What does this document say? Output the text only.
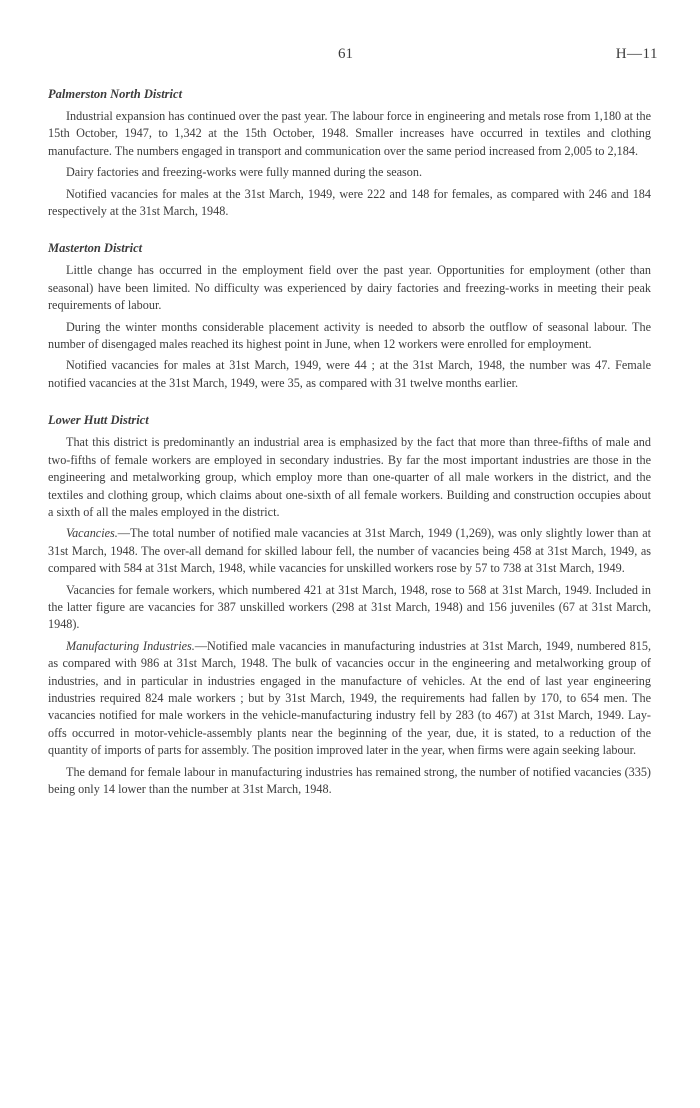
61	H—11
Palmerston North District

Industrial expansion has continued over the past year. The labour force in engineering and metals rose from 1,180 at the 15th October, 1947, to 1,342 at the 15th October, 1948. Smaller increases have occurred in textiles and clothing manufacture. The numbers engaged in transport and communication over the same period increased from 2,005 to 2,184.

Dairy factories and freezing-works were fully manned during the season.

Notified vacancies for males at the 31st March, 1949, were 222 and 148 for females, as compared with 246 and 184 respectively at the 31st March, 1948.

Masterton District

Little change has occurred in the employment field over the past year. Opportunities for employment (other than seasonal) have been limited. No difficulty was experienced by dairy factories and freezing-works in meeting their peak requirements of labour.

During the winter months considerable placement activity is needed to absorb the outflow of seasonal labour. The number of disengaged males reached its highest point in June, when 12 workers were enrolled for employment.

Notified vacancies for males at 31st March, 1949, were 44 ; at the 31st March, 1948, the number was 47. Female notified vacancies at the 31st March, 1949, were 35, as compared with 31 twelve months earlier.

Lower Hutt District

That this district is predominantly an industrial area is emphasized by the fact that more than three-fifths of male and two-fifths of female workers are employed in secondary industries. By far the most important industries are those in the engineering and metalworking group, which employ more than one-quarter of all male workers in the district, and the textiles and clothing group, which claims about one-sixth of all female workers. Building and construction occupies about a sixth of all the males employed in the district.

Vacancies.—The total number of notified male vacancies at 31st March, 1949 (1,269), was only slightly lower than at 31st March, 1948. The over-all demand for skilled labour fell, the number of vacancies being 458 at 31st March, 1949, as compared with 584 at 31st March, 1948, while vacancies for unskilled workers rose by 57 to 738 at 31st March, 1949.

Vacancies for female workers, which numbered 421 at 31st March, 1948, rose to 568 at 31st March, 1949. Included in the latter figure are vacancies for 387 unskilled workers (298 at 31st March, 1948) and 156 juveniles (67 at 31st March, 1948).

Manufacturing Industries.—Notified male vacancies in manufacturing industries at 31st March, 1949, numbered 815, as compared with 986 at 31st March, 1948. The bulk of vacancies occur in the engineering and metalworking group of industries, and in particular in industries engaged in the manufacture of vehicles. At the end of last year engineering industries required 824 male workers ; but by 31st March, 1949, the requirements had fallen by 170, to 654 men. The vacancies notified for male workers in the vehicle-manufacturing industry fell by 283 (to 467) at 31st March, 1949. Lay-offs occurred in motor-vehicle-assembly plants near the beginning of the year, due, it is stated, to a reduction of the quantity of imports of parts for assembly. The position improved later in the year, when firms were again seeking labour.

The demand for female labour in manufacturing industries has remained strong, the number of notified vacancies (335) being only 14 lower than the number at 31st March, 1948.
